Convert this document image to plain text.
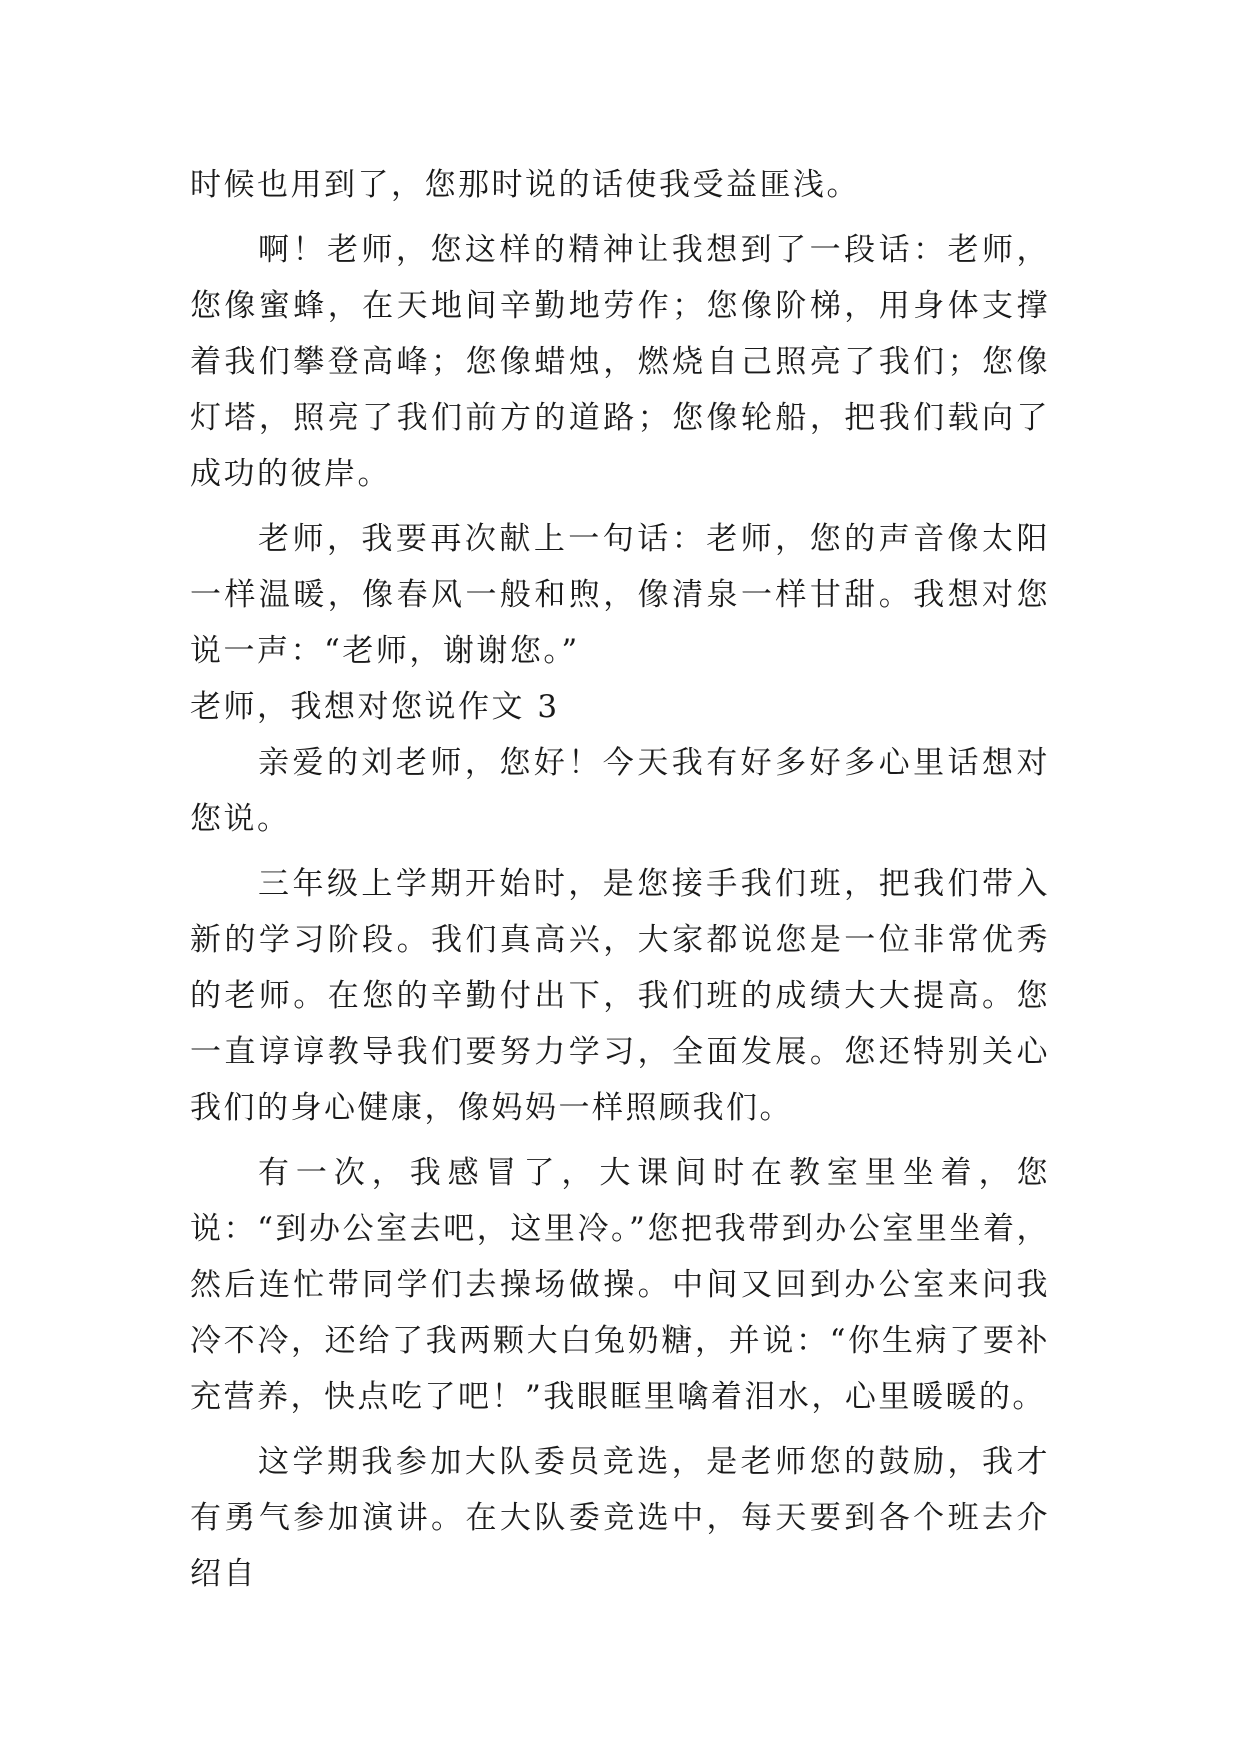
时候也用到了，您那时说的话使我受益匪浅。

啊！老师，您这样的精神让我想到了一段话：老师，您像蜜蜂，在天地间辛勤地劳作；您像阶梯，用身体支撑着我们攀登高峰；您像蜡烛，燃烧自己照亮了我们；您像灯塔，照亮了我们前方的道路；您像轮船，把我们载向了成功的彼岸。

老师，我要再次献上一句话：老师，您的声音像太阳一样温暖，像春风一般和煦，像清泉一样甘甜。我想对您说一声：“老师，谢谢您。”

老师，我想对您说作文 3

亲爱的刘老师，您好！今天我有好多好多心里话想对您说。

三年级上学期开始时，是您接手我们班，把我们带入新的学习阶段。我们真高兴，大家都说您是一位非常优秀的老师。在您的辛勤付出下，我们班的成绩大大提高。您一直谆谆教导我们要努力学习，全面发展。您还特别关心我们的身心健康，像妈妈一样照顾我们。

有一次，我感冒了，大课间时在教室里坐着，您说：“到办公室去吧，这里冷。”您把我带到办公室里坐着，然后连忙带同学们去操场做操。中间又回到办公室来问我冷不冷，还给了我两颗大白兔奶糖，并说：“你生病了要补充营养，快点吃了吧！”我眼眶里噙着泪水，心里暖暖的。

这学期我参加大队委员竞选，是老师您的鼓励，我才有勇气参加演讲。在大队委竞选中，每天要到各个班去介绍自
